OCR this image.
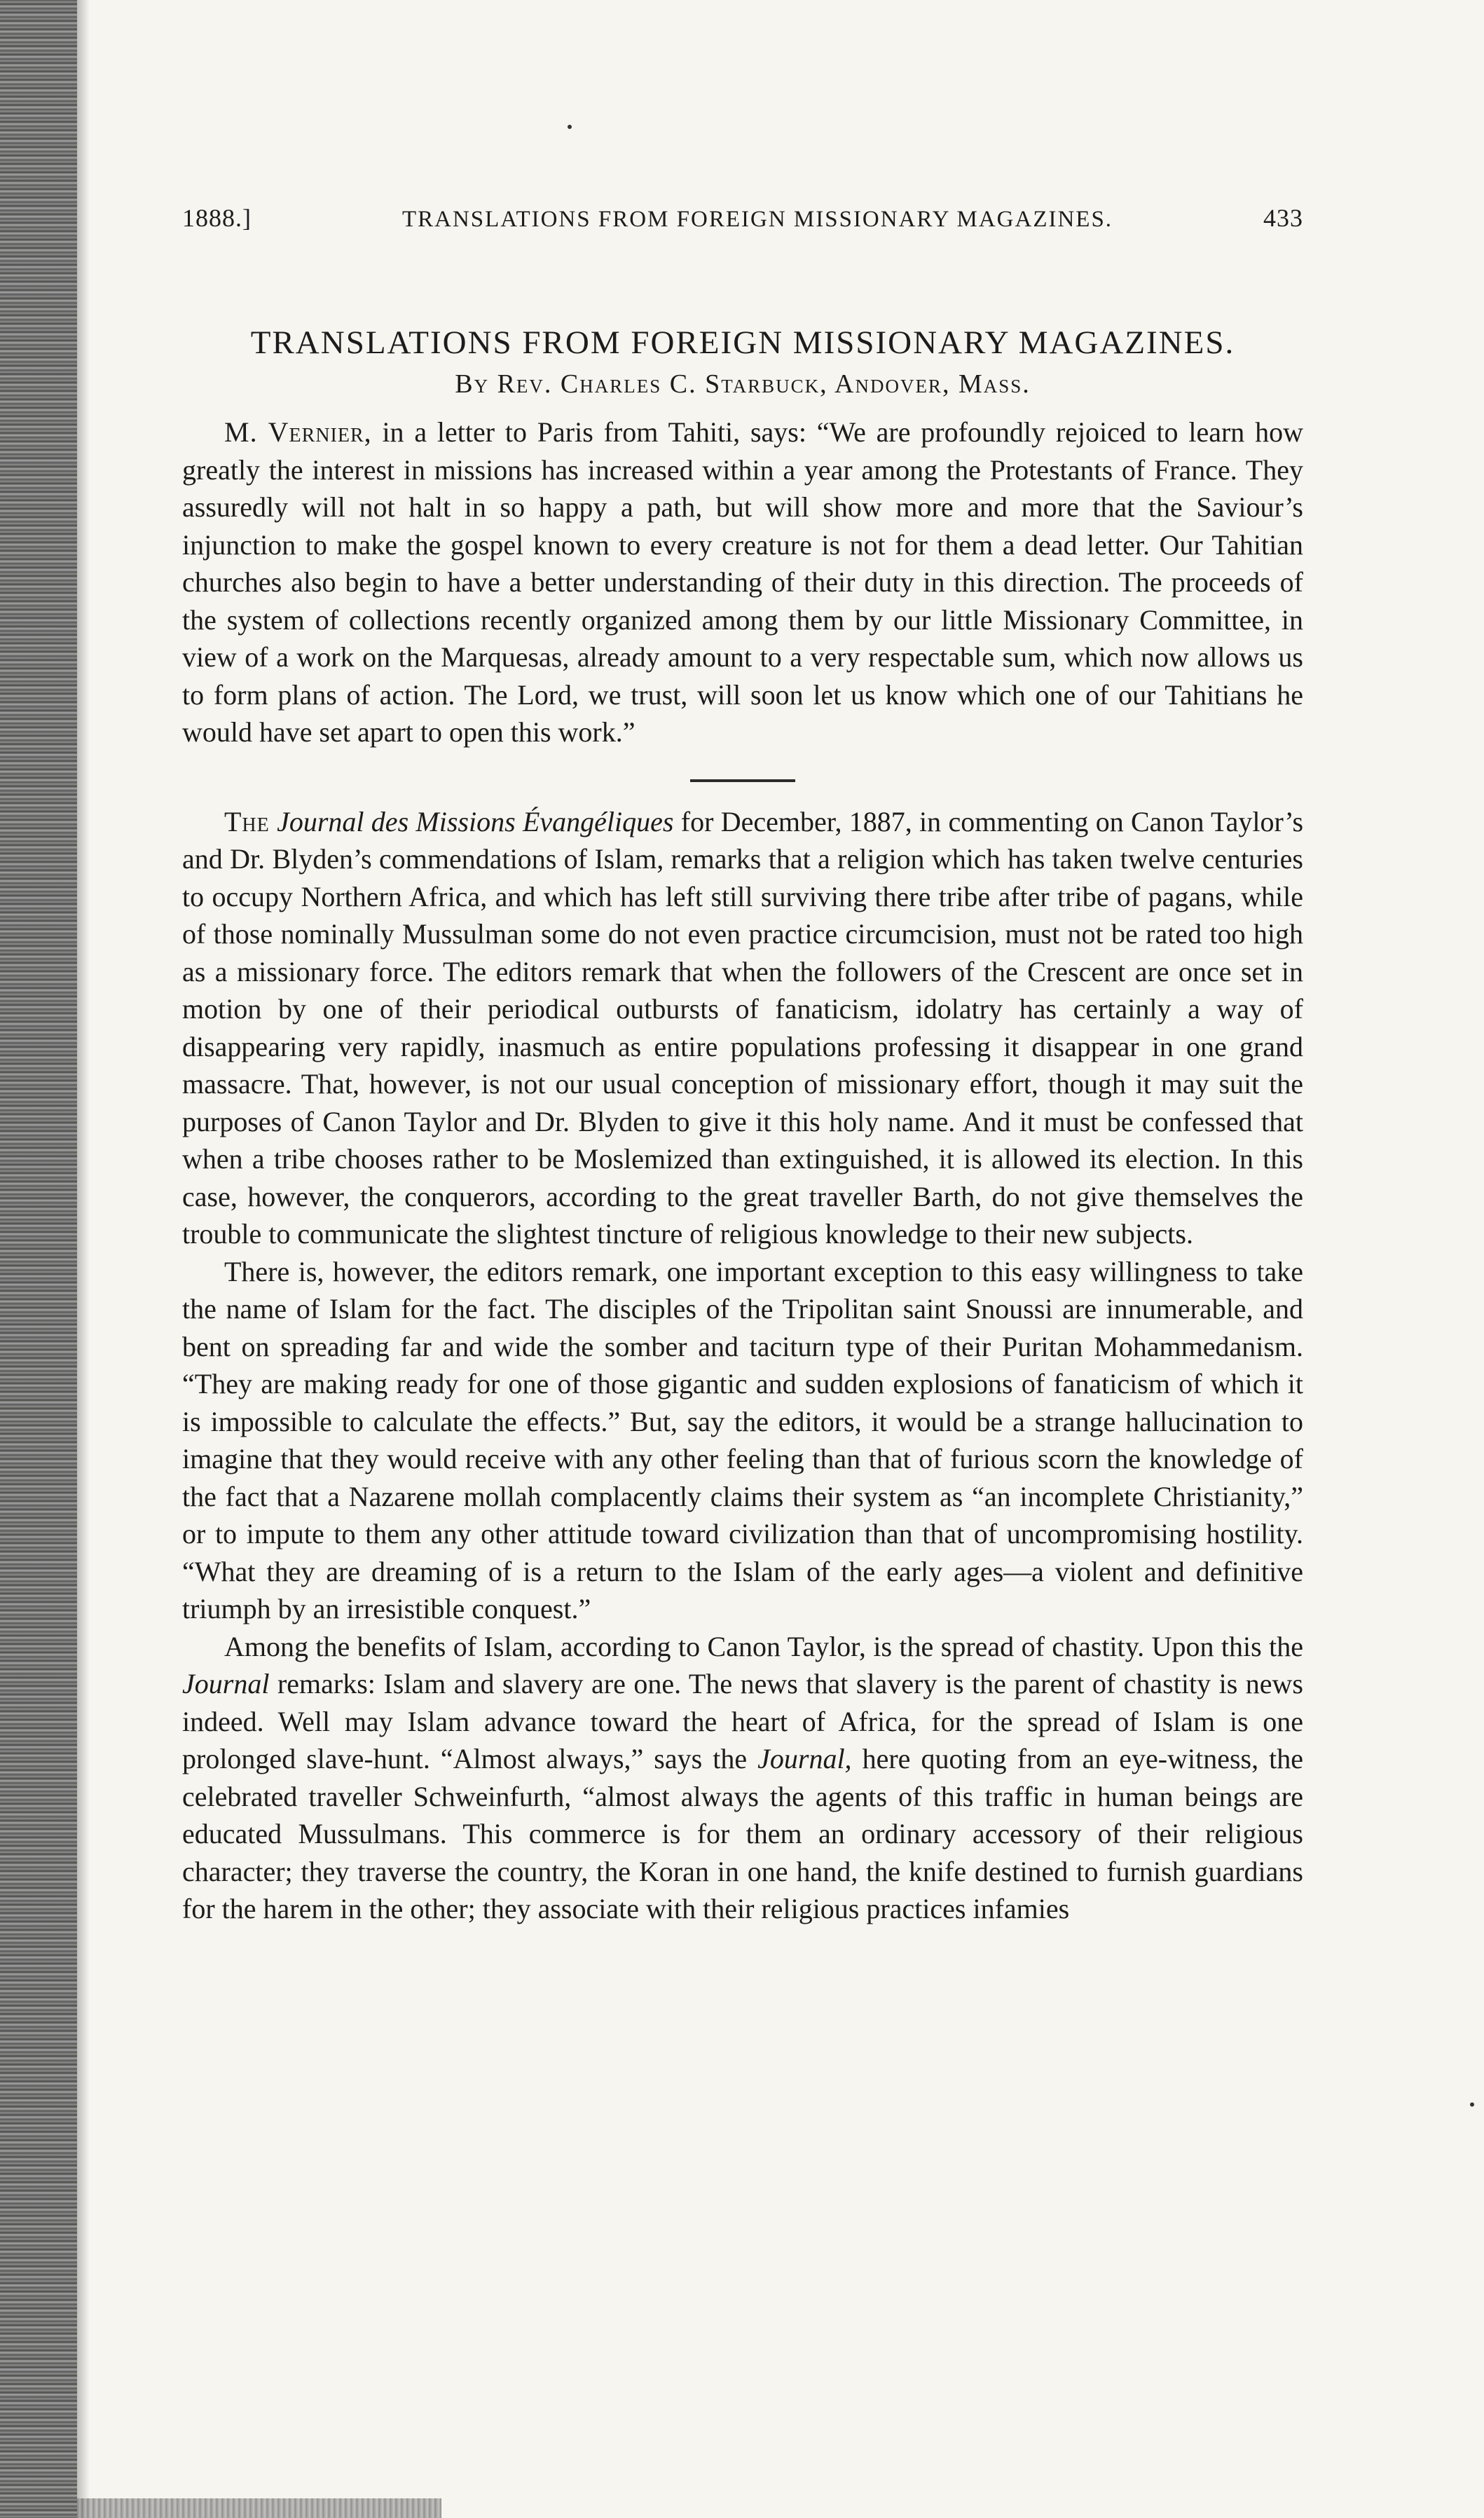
1888.]	TRANSLATIONS FROM FOREIGN MISSIONARY MAGAZINES.	433
TRANSLATIONS FROM FOREIGN MISSIONARY MAGAZINES.
By Rev. Charles C. Starbuck, Andover, Mass.

M. Vernier, in a letter to Paris from Tahiti, says: “We are profoundly rejoiced to learn how greatly the interest in missions has increased within a year among the Protestants of France. They assuredly will not halt in so happy a path, but will show more and more that the Saviour’s injunction to make the gospel known to every creature is not for them a dead letter. Our Tahitian churches also begin to have a better understanding of their duty in this direction. The proceeds of the system of collections recently organized among them by our little Missionary Committee, in view of a work on the Marquesas, already amount to a very respectable sum, which now allows us to form plans of action. The Lord, we trust, will soon let us know which one of our Tahitians he would have set apart to open this work.”

The Journal des Missions Évangéliques for December, 1887, in commenting on Canon Taylor’s and Dr. Blyden’s commendations of Islam, remarks that a religion which has taken twelve centuries to occupy Northern Africa, and which has left still surviving there tribe after tribe of pagans, while of those nominally Mussulman some do not even practice circumcision, must not be rated too high as a missionary force. The editors remark that when the followers of the Crescent are once set in motion by one of their periodical outbursts of fanaticism, idolatry has certainly a way of disappearing very rapidly, inasmuch as entire populations professing it disappear in one grand massacre. That, however, is not our usual conception of missionary effort, though it may suit the purposes of Canon Taylor and Dr. Blyden to give it this holy name. And it must be confessed that when a tribe chooses rather to be Moslemized than extinguished, it is allowed its election. In this case, however, the conquerors, according to the great traveller Barth, do not give themselves the trouble to communicate the slightest tincture of religious knowledge to their new subjects.

There is, however, the editors remark, one important exception to this easy willingness to take the name of Islam for the fact. The disciples of the Tripolitan saint Snoussi are innumerable, and bent on spreading far and wide the somber and taciturn type of their Puritan Mohammedanism. “They are making ready for one of those gigantic and sudden explosions of fanaticism of which it is impossible to calculate the effects.” But, say the editors, it would be a strange hallucination to imagine that they would receive with any other feeling than that of furious scorn the knowledge of the fact that a Nazarene mollah complacently claims their system as “an incomplete Christianity,” or to impute to them any other attitude toward civilization than that of uncompromising hostility. “What they are dreaming of is a return to the Islam of the early ages—a violent and definitive triumph by an irresistible conquest.”

Among the benefits of Islam, according to Canon Taylor, is the spread of chastity. Upon this the Journal remarks: Islam and slavery are one. The news that slavery is the parent of chastity is news indeed. Well may Islam advance toward the heart of Africa, for the spread of Islam is one prolonged slave-hunt. “Almost always,” says the Journal, here quoting from an eye-witness, the celebrated traveller Schweinfurth, “almost always the agents of this traffic in human beings are educated Mussulmans. This commerce is for them an ordinary accessory of their religious character; they traverse the country, the Koran in one hand, the knife destined to furnish guardians for the harem in the other; they associate with their religious practices infamies
